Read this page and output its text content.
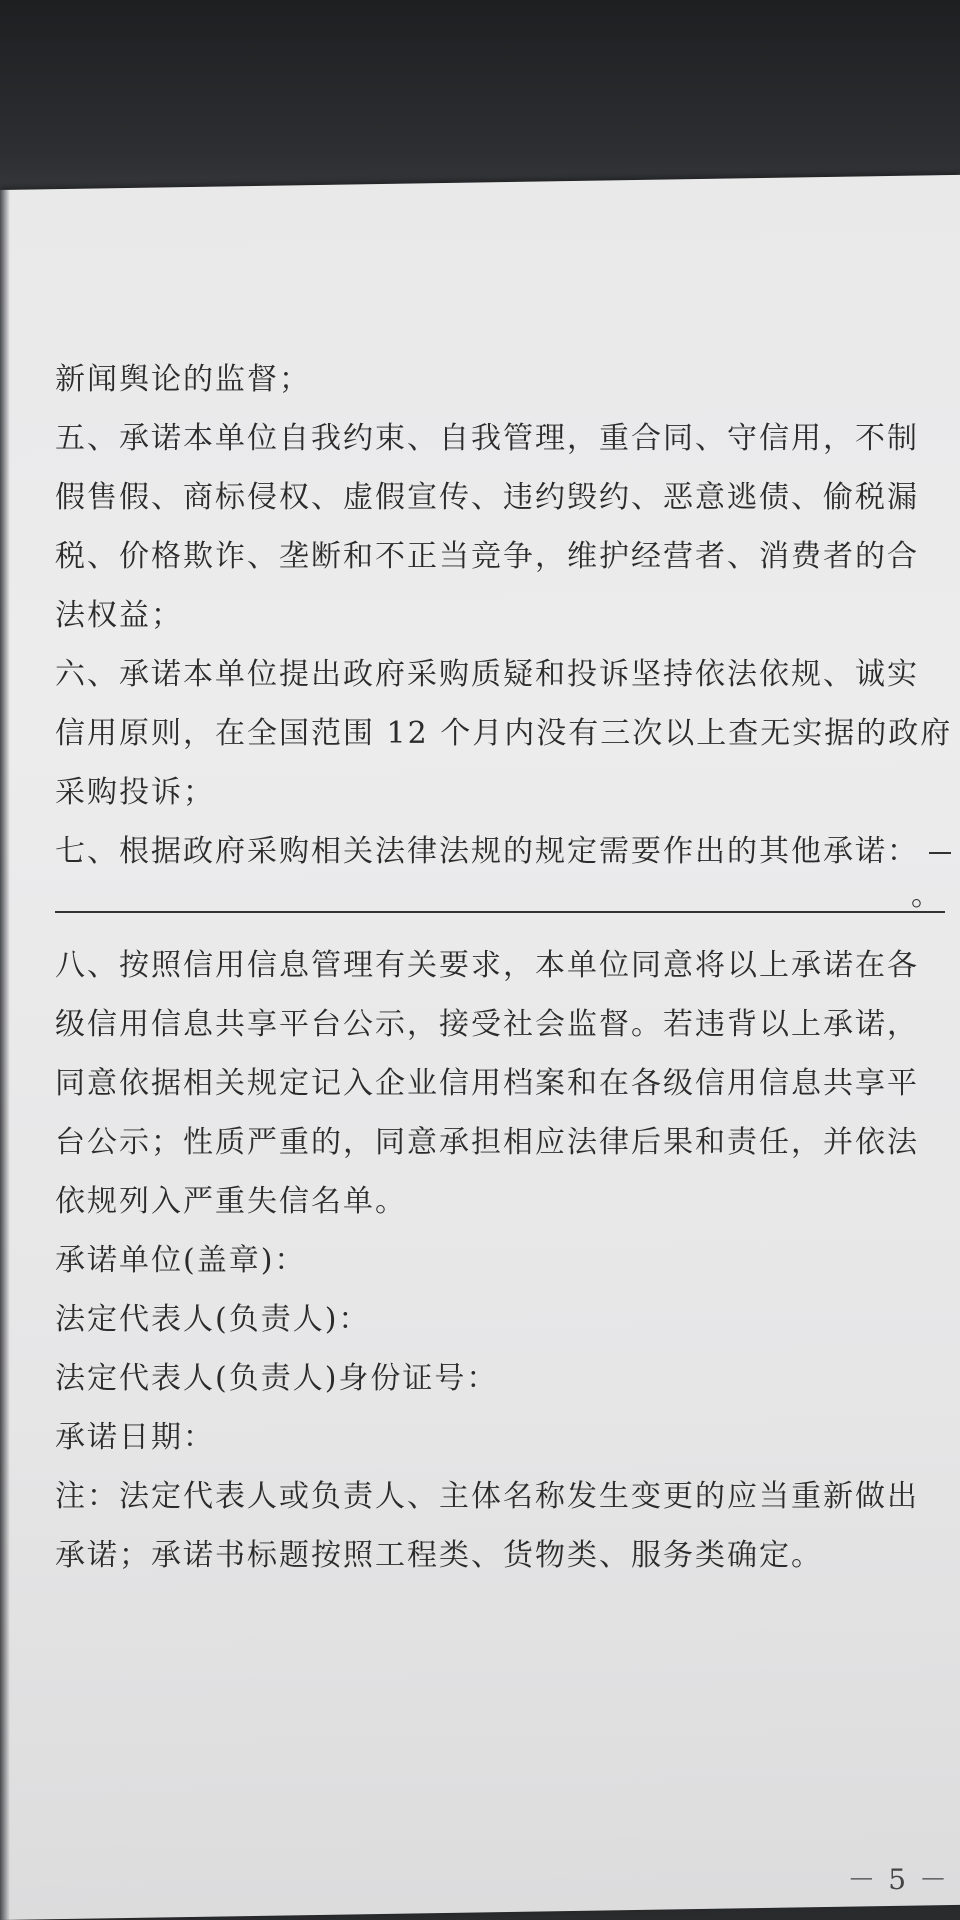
新闻舆论的监督；
五、承诺本单位自我约束、自我管理，重合同、守信用，不制
假售假、商标侵权、虚假宣传、违约毁约、恶意逃债、偷税漏
税、价格欺诈、垄断和不正当竞争，维护经营者、消费者的合
法权益；
六、承诺本单位提出政府采购质疑和投诉坚持依法依规、诚实
信用原则，在全国范围 12 个月内没有三次以上查无实据的政府
采购投诉；
七、根据政府采购相关法律法规的规定需要作出的其他承诺：
。
八、按照信用信息管理有关要求，本单位同意将以上承诺在各
级信用信息共享平台公示，接受社会监督。若违背以上承诺，
同意依据相关规定记入企业信用档案和在各级信用信息共享平
台公示；性质严重的，同意承担相应法律后果和责任，并依法
依规列入严重失信名单。
承诺单位(盖章)：
法定代表人(负责人)：
法定代表人(负责人)身份证号：
承诺日期：
注：法定代表人或负责人、主体名称发生变更的应当重新做出
承诺；承诺书标题按照工程类、货物类、服务类确定。
－ 5 －
